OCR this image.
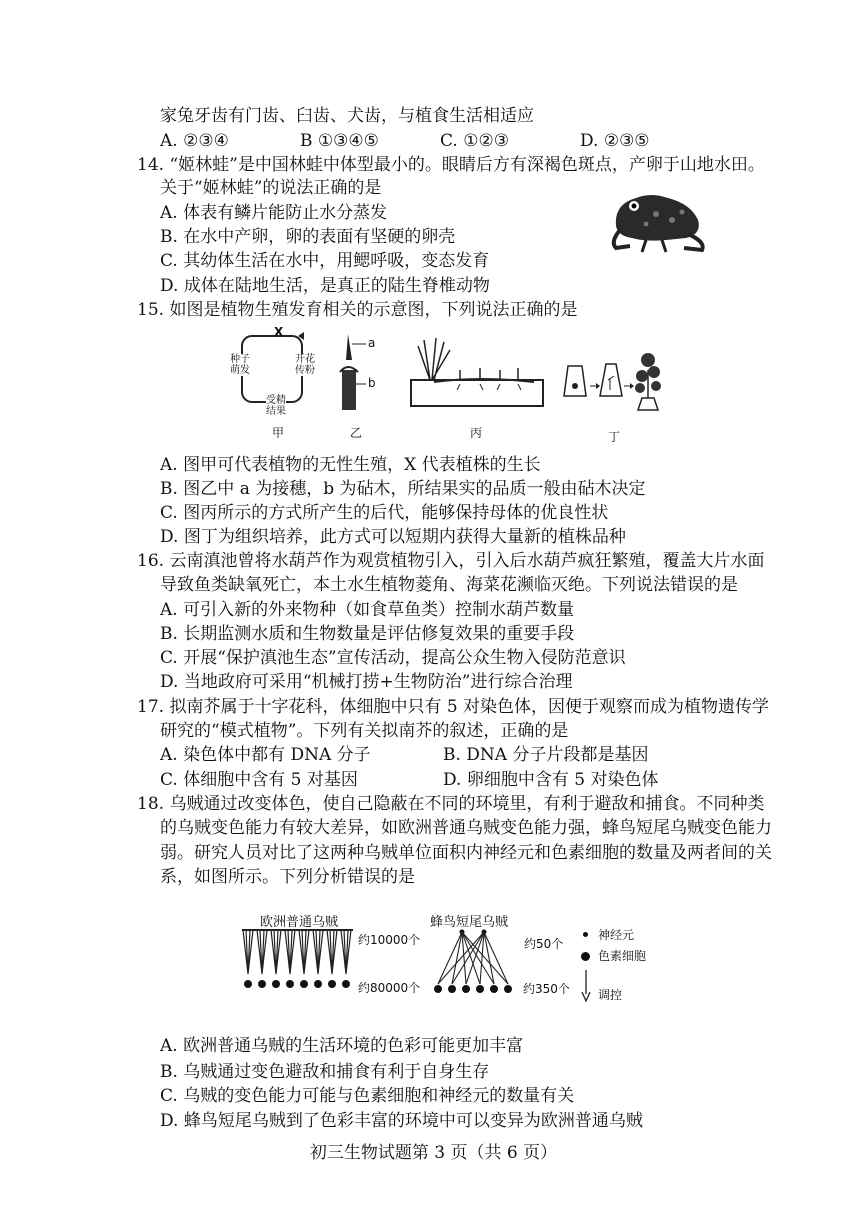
家兔牙齿有门齿、臼齿、犬齿，与植食生活相适应
A. ②③④	B ①③④⑤	C. ①②③	D. ②③⑤
14. “姬林蛙”是中国林蛙中体型最小的。眼睛后方有深褐色斑点，产卵于山地水田。
关于“姬林蛙”的说法正确的是
A. 体表有鳞片能防止水分蒸发
B. 在水中产卵，卵的表面有坚硬的卵壳
C. 其幼体生活在水中，用鳃呼吸，变态发育
D. 成体在陆地生活，是真正的陆生脊椎动物
15. 如图是植物生殖发育相关的示意图，下列说法正确的是
X
种子
萌发
开花
传粉
受精
结果
a
b
甲	乙	丙	丁
A. 图甲可代表植物的无性生殖，X 代表植株的生长
B. 图乙中 a 为接穗，b 为砧木，所结果实的品质一般由砧木决定
C. 图丙所示的方式所产生的后代，能够保持母体的优良性状
D. 图丁为组织培养，此方式可以短期内获得大量新的植株品种
16. 云南滇池曾将水葫芦作为观赏植物引入，引入后水葫芦疯狂繁殖，覆盖大片水面
导致鱼类缺氧死亡，本土水生植物菱角、海菜花濒临灭绝。下列说法错误的是
A. 可引入新的外来物种（如食草鱼类）控制水葫芦数量
B. 长期监测水质和生物数量是评估修复效果的重要手段
C. 开展“保护滇池生态”宣传活动，提高公众生物入侵防范意识
D. 当地政府可采用“机械打捞+生物防治”进行综合治理
17. 拟南芥属于十字花科，体细胞中只有 5 对染色体，因便于观察而成为植物遗传学
研究的“模式植物”。下列有关拟南芥的叙述，正确的是
A. 染色体中都有 DNA 分子	B. DNA 分子片段都是基因
C. 体细胞中含有 5 对基因	D. 卵细胞中含有 5 对染色体
18. 乌贼通过改变体色，使自己隐蔽在不同的环境里，有利于避敌和捕食。不同种类
的乌贼变色能力有较大差异，如欧洲普通乌贼变色能力强，蜂鸟短尾乌贼变色能力
弱。研究人员对比了这两种乌贼单位面积内神经元和色素细胞的数量及两者间的关
系，如图所示。下列分析错误的是
欧洲普通乌贼	蜂鸟短尾乌贼
约10000个
约80000个
约50个
约350个
神经元
色素细胞
调控
A. 欧洲普通乌贼的生活环境的色彩可能更加丰富
B. 乌贼通过变色避敌和捕食有利于自身生存
C. 乌贼的变色能力可能与色素细胞和神经元的数量有关
D. 蜂鸟短尾乌贼到了色彩丰富的环境中可以变异为欧洲普通乌贼
初三生物试题第 3 页（共 6 页）
